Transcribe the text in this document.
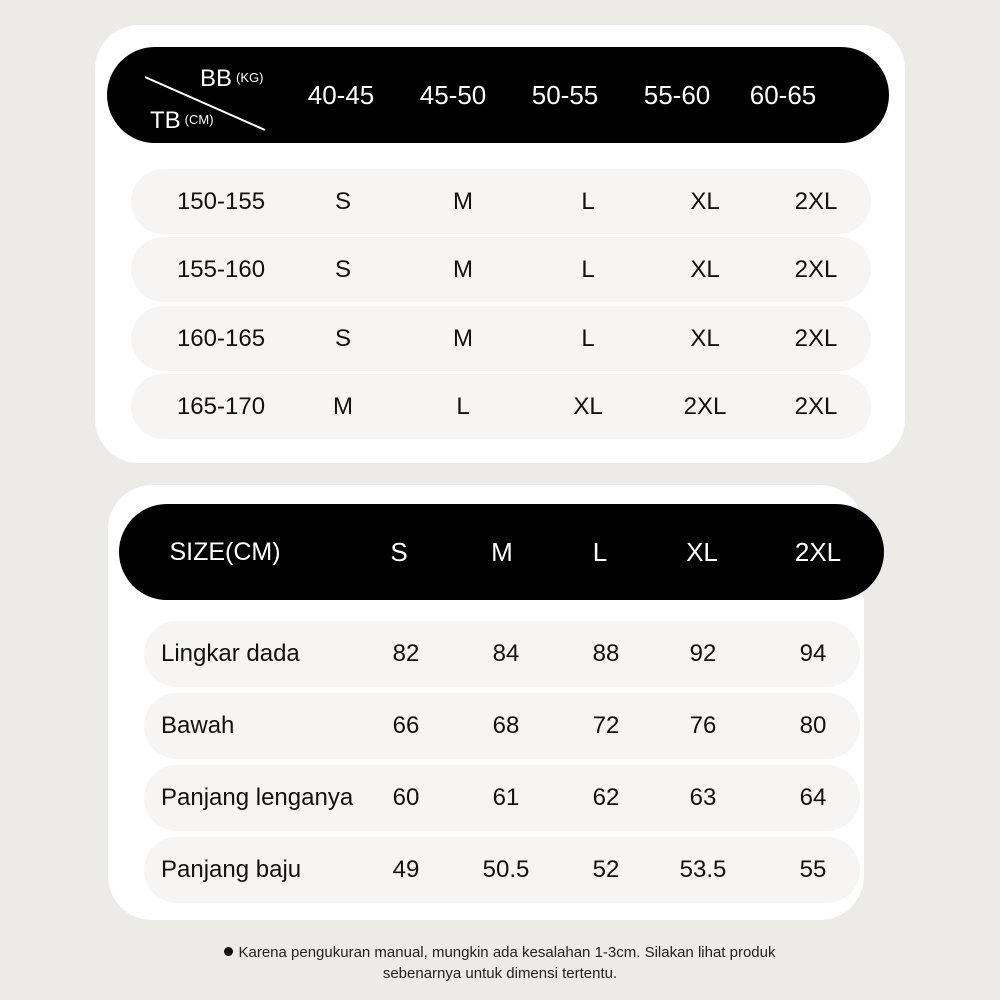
BB (KG)
TB (CM)
40-45 45-50 50-55 55-60 60-65
150-155	S	M	L	XL	2XL
155-160	S	M	L	XL	2XL
160-165	S	M	L	XL	2XL
165-170	M	L	XL	2XL	2XL
SIZE(CM)	S	M	L	XL	2XL
Lingkar dada	82	84	88	92	94
Bawah	66	68	72	76	80
Panjang lenganya 60	61	62	63	64
Panjang baju	49	50.5	52	53.5	55
Karena pengukuran manual, mungkin ada kesalahan 1-3cm. Silakan lihat produk
sebenarnya untuk dimensi tertentu.
